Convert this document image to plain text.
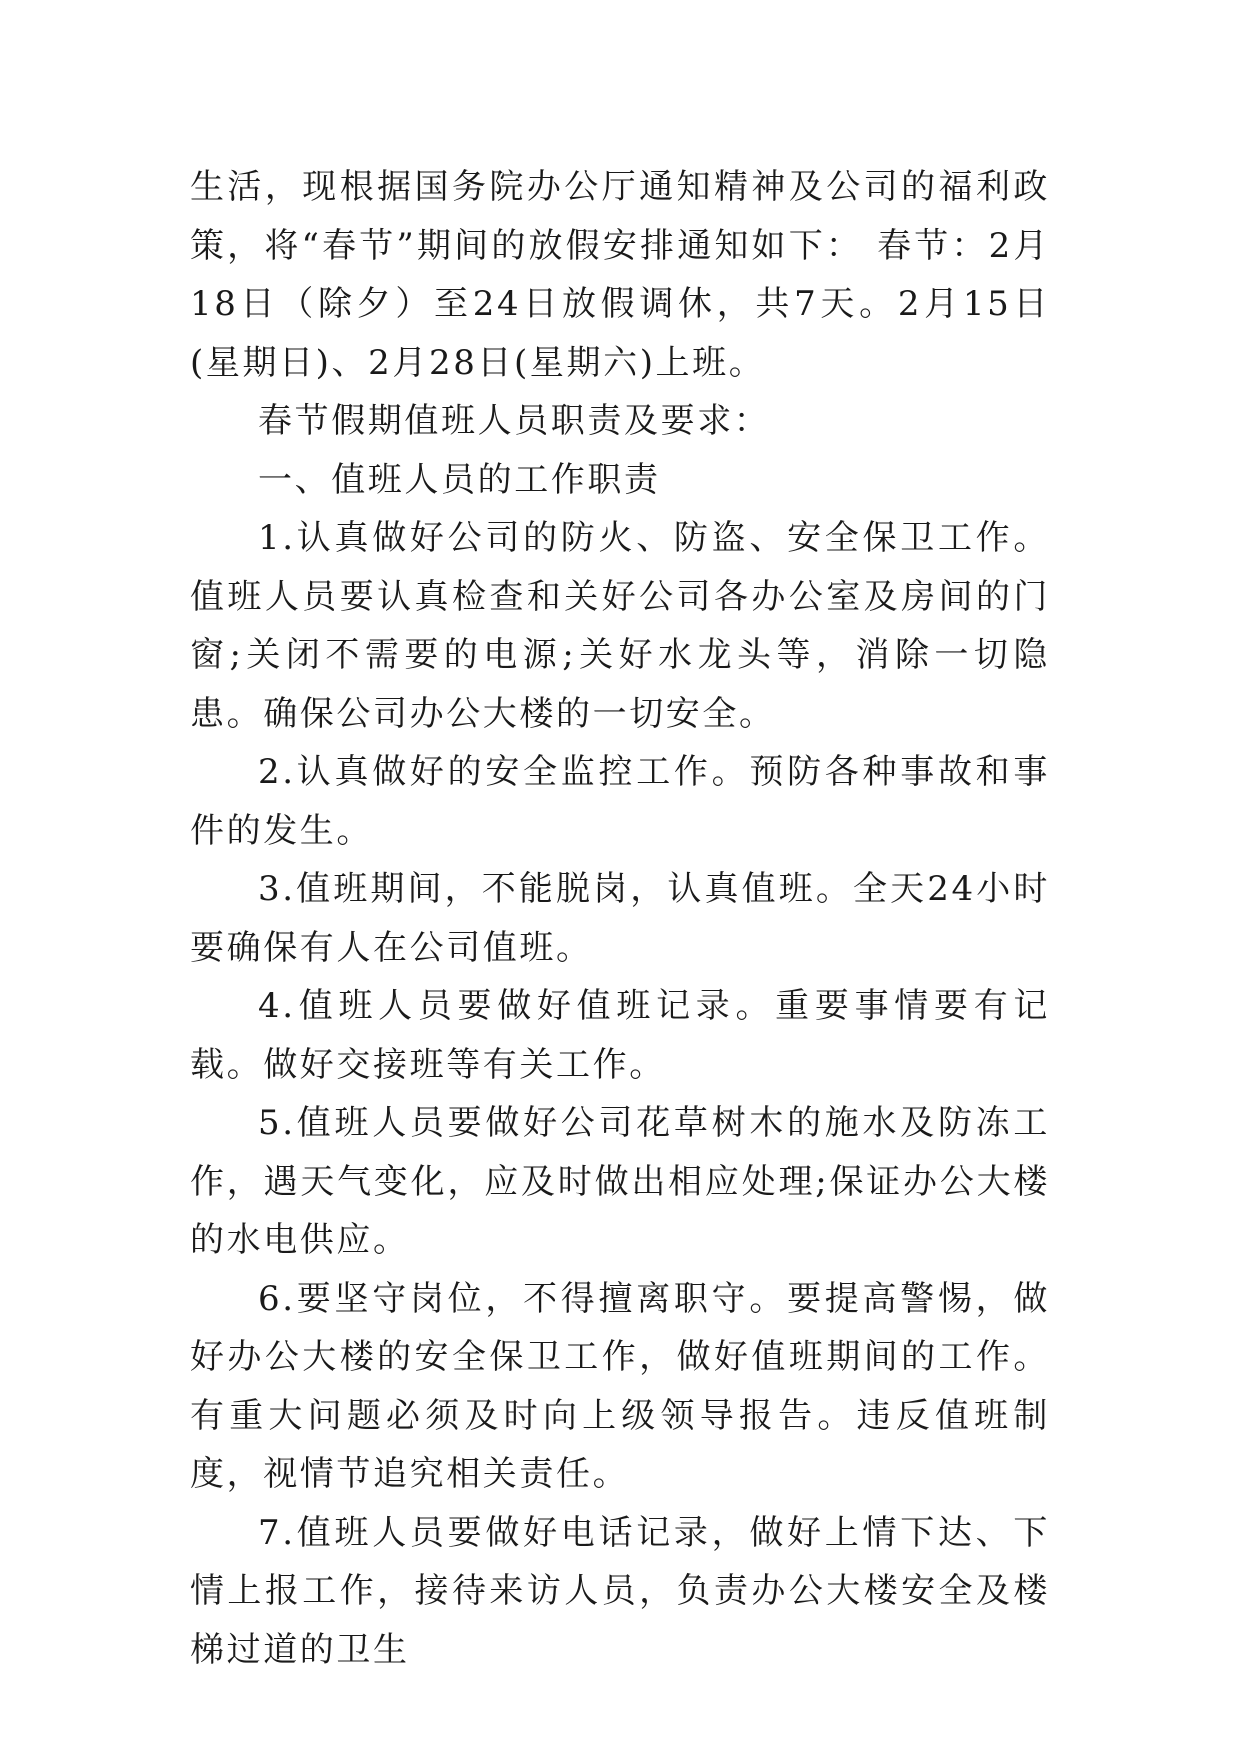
生活，现根据国务院办公厅通知精神及公司的福利政策，将“春节”期间的放假安排通知如下： 春节：2月18日（除夕）至24日放假调休，共7天。2月15日(星期日)、2月28日(星期六)上班。

春节假期值班人员职责及要求：

一、值班人员的工作职责

1.认真做好公司的防火、防盗、安全保卫工作。值班人员要认真检查和关好公司各办公室及房间的门窗;关闭不需要的电源;关好水龙头等，消除一切隐患。确保公司办公大楼的一切安全。

2.认真做好的安全监控工作。预防各种事故和事件的发生。

3.值班期间，不能脱岗，认真值班。全天24小时要确保有人在公司值班。

4.值班人员要做好值班记录。重要事情要有记载。做好交接班等有关工作。

5.值班人员要做好公司花草树木的施水及防冻工作，遇天气变化，应及时做出相应处理;保证办公大楼的水电供应。

6.要坚守岗位，不得擅离职守。要提高警惕，做好办公大楼的安全保卫工作，做好值班期间的工作。有重大问题必须及时向上级领导报告。违反值班制度，视情节追究相关责任。

7.值班人员要做好电话记录，做好上情下达、下情上报工作，接待来访人员，负责办公大楼安全及楼梯过道的卫生
